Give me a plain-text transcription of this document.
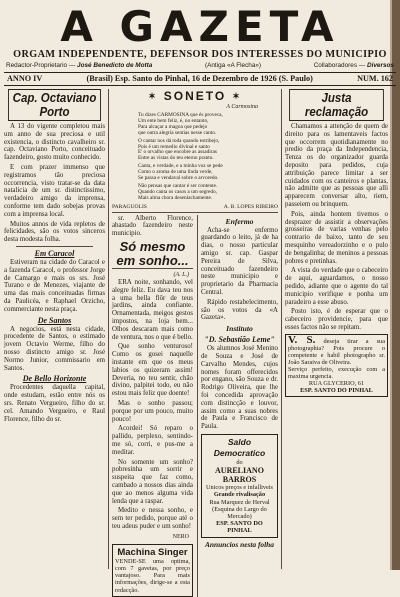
A GAZETA
ORGAM INDEPENDENTE, DEFENSOR DOS INTERESSES DO MUNICIPIO
Redactor-Proprietario — José Benedicto de Motta	(Antiga «A Flecha»)	Collaboradores — Diversos
ANNO IV	(Brasil) Esp. Santo do Pinhal, 16 de Dezembro de 1926 (S. Paulo)	NUM. 162
Cap. Octaviano Porto

A 13 do vigente completou mais um anno de sua preciosa e util existencia, o distincto cavalheiro sr. cap. Octaviano Porto, conceituado fazendeiro, gosto muito conhecido.

E com prazer immenso que registramos tão preciosa occorrencia, visto tratar-se da data natalicia de um sr. distinctissimo, verdadeiro amigo da imprensa, conforme tem dado sobejas provas com a imprensa local.

Muitos annos de vida repletos de felicidades, são os votos sinceros desta modesta folha.

Em Caracol

Estiveram na cidade do Caracol e a fazenda Caracol, o professor Jorge de Camargo e mais os srs. José Turano e de Menezes, viajante de uma das mais conceituadas firmas da Paulicéa, e Raphael Orzicho, commerciante nesta praça.

De Santos

A negocios, está nesta cidade, procedente de Santos, o estimado jovem Octavio Werme, filho do nosso distincto amigo sr. José Normo Junior, commissario em Santos.

De Bello Horizonte

Procedentes daquella capital, onde estudam, estão entre nós os srs. Renato Vergueiro, filho do sr. cel. Amando Vergueiro, e Raul Florence, filho do sr.

✶ SONETO ✶
A Carmosina
Tu dizes CARMOSINA que és proveca,
Um ente bem feliz, é, no entanto,
Para alcaçar a magoa que pedejo
que outra alegria sentias nesse canto.
O cantar nos dá toda quando estribejo,
Pois é um remedio divinal e santo
E' o orvalho que encobre as assadiras
Entre as vistas do teu eterno pranto.
Canta, e verdade, e a minha voz se pede
Como o aroma de uma linda verde,
Se passa e vendaval sobre o arvoredo.
Não pensas que cantar é ser contente.
Quando canta os casos a um segredo,
Mais alma chora desenlachamente.
PARAGUOLIS	A. B. LOPES RIBEIRO

sr. Alberto Florence, abastado fazendeiro neste municipio.

Só mesmo em sonho...
(A. L.)

ERA noite, sonhando, vel alegre feliz. Eu dava teu nos a uma bella flôr de teus jardins, ainda confiante. Ornamentada, meigos gestos impostos, na loja bem... Olhos descaram mais como de ventura, nos o que é bello.

Que sonho venturoso! Como os gosei naquelle instante em que os meus labios os quizeram assim! Deveria, no teu sentir, chão divino, palpitei todo, eu não estou mais feliz que doente!

Mas o sonho passou; porque por um pouco, muito pouco!

Acordei! Só reparo o pallido, perplexo, sentindo-me só, corri, e pus-me a meditar.

No somente um sonho? pobresinha um sorrir e suspeita que faz como, cambado a nossos dias ainda que ao menos alguma vida lenda que a raspar.

Medito e nessa sonho, e sem ter pedido, porque até o teu adeus puder e um sonho!

NERO
Machina Singer
VENDE-SE uma optima, com 7 gavetas, por preço vantajoso. Para mais informações, dirige-se a esta redacção.
Enfermo

Acha-se enfermo guardando o leito, já de ha dias, o nosso particular amigo sr. cap. Gaspar Pereira de Silva, conceituado fazendeiro neste municipio e proprietario da Pharmacia Central.

Rápido restabelecimento, são os votos da «A Gazeta».

Instituto
"D. Sebastião Leme"

Os alumnos José Menino de Souza e José de Carvalho Mendes, cujos nomes foram offerecidos por engano, são Souza e dr. Rodrigo Oliveira, que lhe foi concedida aprovação com distincção e louvor, assim como a suas nobres de Paula e Francisco de Paula.

Saldo Democratico
do
AURELIANO BARROS
Unicos preços e infalliveis
Grande rivalisação
Rua Marquez de Herval
(Esquina do Largo do Mercado)
ESP. SANTO DO PINHAL
Annuncios nesta folha
Justa reclamação

Chamamos a attenção de quem de direito para os lamentaveis factos que occorrem quotidianamente no predio da praça da Independencia, Tenza os do organizador guarda deposito para pedidos, cuja attribuição parece limitar a ser cuidados com os canteiros e plantas, não admitte que as pessoas que alli apparecem conversar alto, riem, passeiem ou brinquem.

Pois, ainda hontem tivemos o desprazer de assistir a observações grosseiras de varias venhas pelo contrario de baixo, tanto de seu mesquinho vereadorzinho e o pulo de bengalinha; de meninos a pessoas pobres e pretinhas.

A vista do verdade que o cabeceiro de aqui, aguardamos, o nosso pedido, adiante que o agente do tal municipio verifique e ponha um paradeiro a esse abuso.

Posto isto, é de esperar que o cabeceiro providencie, para que esses factos não se repitam.

V. S. deseja tirar a sua photographia? Pois procure o competente e habil photographo sr. João Saraiva de Oliveira.
Serviço perfeito, execução com a maxima urgencia.
RUA GLYCERIO, 61
ESP. SANTO DO PINHAL
